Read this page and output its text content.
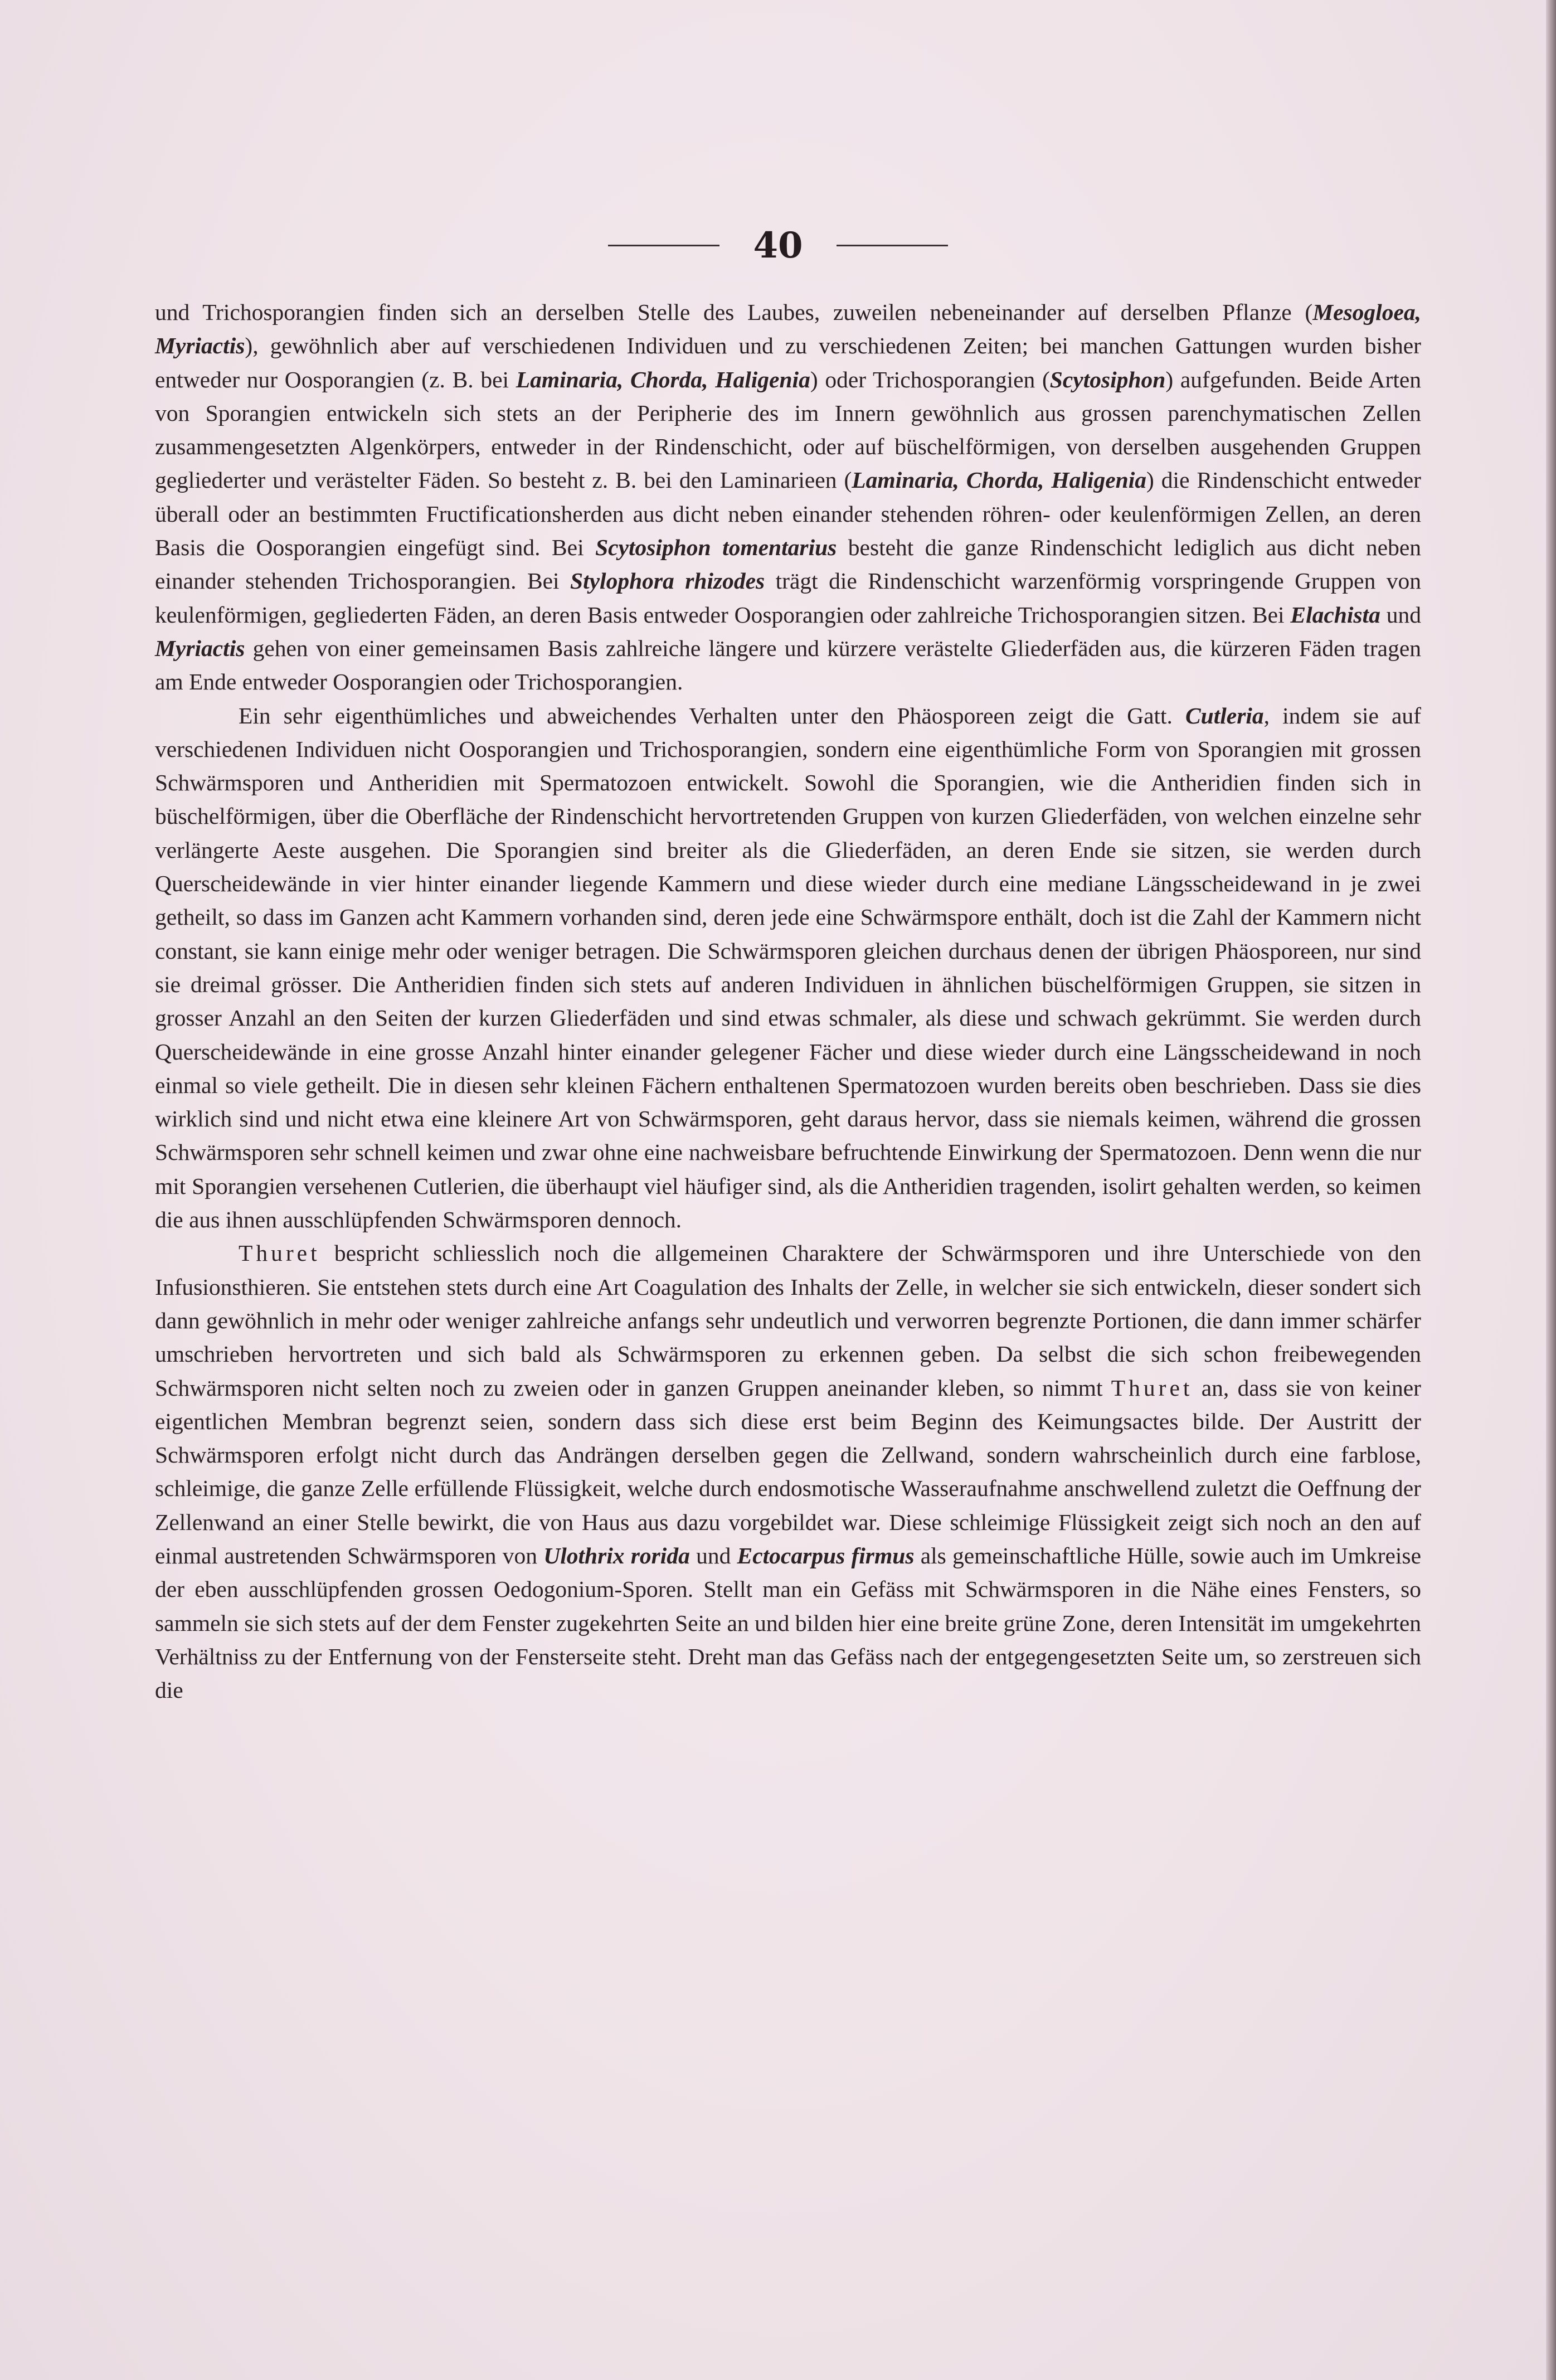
40

und Trichosporangien finden sich an derselben Stelle des Laubes, zuweilen nebeneinander auf derselben Pflanze (Mesogloea, Myriactis), gewöhnlich aber auf verschiedenen Individuen und zu verschiedenen Zeiten; bei manchen Gattungen wurden bisher entweder nur Oosporangien (z. B. bei Laminaria, Chorda, Haligenia) oder Trichosporangien (Scytosiphon) aufgefunden. Beide Arten von Sporangien entwickeln sich stets an der Peripherie des im Innern gewöhnlich aus grossen parenchymatischen Zellen zusammengesetzten Algenkörpers, entweder in der Rindenschicht, oder auf büschelförmigen, von derselben ausgehenden Gruppen gegliederter und verästelter Fäden. So besteht z. B. bei den Laminarieen (Laminaria, Chorda, Haligenia) die Rindenschicht entweder überall oder an bestimmten Fructificationsherden aus dicht neben einander stehenden röhren- oder keulenförmigen Zellen, an deren Basis die Oosporangien eingefügt sind. Bei Scytosiphon tomentarius besteht die ganze Rindenschicht lediglich aus dicht neben einander stehenden Trichosporangien. Bei Stylophora rhizodes trägt die Rindenschicht warzenförmig vorspringende Gruppen von keulenförmigen, gegliederten Fäden, an deren Basis entweder Oosporangien oder zahlreiche Trichosporangien sitzen. Bei Elachista und Myriactis gehen von einer gemeinsamen Basis zahlreiche längere und kürzere verästelte Gliederfäden aus, die kürzeren Fäden tragen am Ende entweder Oosporangien oder Trichosporangien.

Ein sehr eigenthümliches und abweichendes Verhalten unter den Phäosporeen zeigt die Gatt. Cutleria, indem sie auf verschiedenen Individuen nicht Oosporangien und Trichosporangien, sondern eine eigenthümliche Form von Sporangien mit grossen Schwärmsporen und Antheridien mit Spermatozoen entwickelt. Sowohl die Sporangien, wie die Antheridien finden sich in büschelförmigen, über die Oberfläche der Rindenschicht hervortretenden Gruppen von kurzen Gliederfäden, von welchen einzelne sehr verlängerte Aeste ausgehen. Die Sporangien sind breiter als die Gliederfäden, an deren Ende sie sitzen, sie werden durch Querscheidewände in vier hinter einander liegende Kammern und diese wieder durch eine mediane Längsscheidewand in je zwei getheilt, so dass im Ganzen acht Kammern vorhanden sind, deren jede eine Schwärmspore enthält, doch ist die Zahl der Kammern nicht constant, sie kann einige mehr oder weniger betragen. Die Schwärmsporen gleichen durchaus denen der übrigen Phäosporeen, nur sind sie dreimal grösser. Die Antheridien finden sich stets auf anderen Individuen in ähnlichen büschelförmigen Gruppen, sie sitzen in grosser Anzahl an den Seiten der kurzen Gliederfäden und sind etwas schmaler, als diese und schwach gekrümmt. Sie werden durch Querscheidewände in eine grosse Anzahl hinter einander gelegener Fächer und diese wieder durch eine Längsscheidewand in noch einmal so viele getheilt. Die in diesen sehr kleinen Fächern enthaltenen Spermatozoen wurden bereits oben beschrieben. Dass sie dies wirklich sind und nicht etwa eine kleinere Art von Schwärmsporen, geht daraus hervor, dass sie niemals keimen, während die grossen Schwärmsporen sehr schnell keimen und zwar ohne eine nachweisbare befruchtende Einwirkung der Spermatozoen. Denn wenn die nur mit Sporangien versehenen Cutlerien, die überhaupt viel häufiger sind, als die Antheridien tragenden, isolirt gehalten werden, so keimen die aus ihnen ausschlüpfenden Schwärmsporen dennoch.

Thuret bespricht schliesslich noch die allgemeinen Charaktere der Schwärmsporen und ihre Unterschiede von den Infusionsthieren. Sie entstehen stets durch eine Art Coagulation des Inhalts der Zelle, in welcher sie sich entwickeln, dieser sondert sich dann gewöhnlich in mehr oder weniger zahlreiche anfangs sehr undeutlich und verworren begrenzte Portionen, die dann immer schärfer umschrieben hervortreten und sich bald als Schwärmsporen zu erkennen geben. Da selbst die sich schon freibewegenden Schwärmsporen nicht selten noch zu zweien oder in ganzen Gruppen aneinander kleben, so nimmt Thuret an, dass sie von keiner eigentlichen Membran begrenzt seien, sondern dass sich diese erst beim Beginn des Keimungsactes bilde. Der Austritt der Schwärmsporen erfolgt nicht durch das Andrängen derselben gegen die Zellwand, sondern wahrscheinlich durch eine farblose, schleimige, die ganze Zelle erfüllende Flüssigkeit, welche durch endosmotische Wasseraufnahme anschwellend zuletzt die Oeffnung der Zellenwand an einer Stelle bewirkt, die von Haus aus dazu vorgebildet war. Diese schleimige Flüssigkeit zeigt sich noch an den auf einmal austretenden Schwärmsporen von Ulothrix rorida und Ectocarpus firmus als gemeinschaftliche Hülle, sowie auch im Umkreise der eben ausschlüpfenden grossen Oedogonium-Sporen. Stellt man ein Gefäss mit Schwärmsporen in die Nähe eines Fensters, so sammeln sie sich stets auf der dem Fenster zugekehrten Seite an und bilden hier eine breite grüne Zone, deren Intensität im umgekehrten Verhältniss zu der Entfernung von der Fensterseite steht. Dreht man das Gefäss nach der entgegengesetzten Seite um, so zerstreuen sich die
